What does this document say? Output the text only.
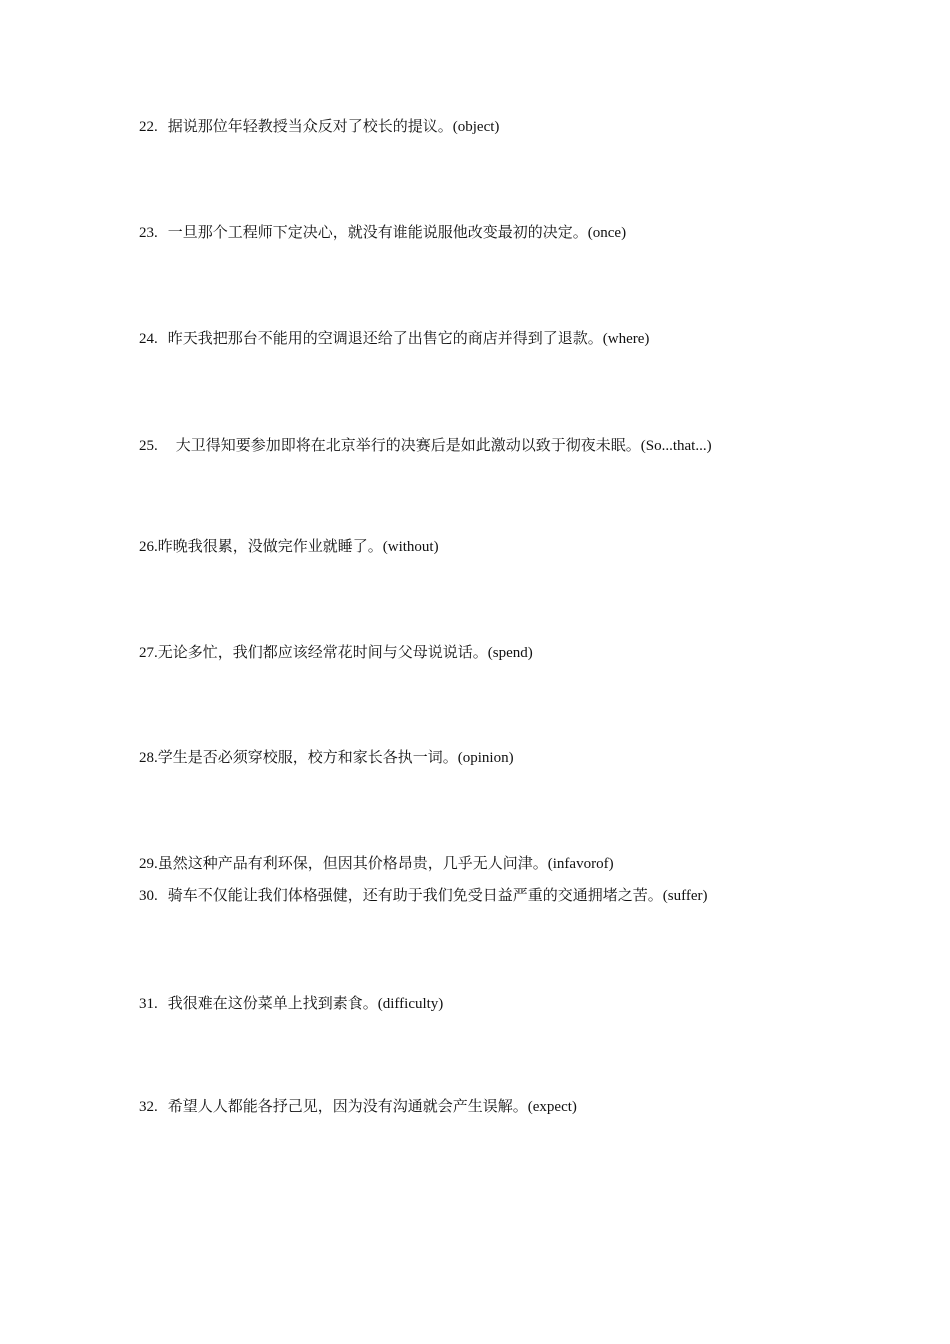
22. 据说那位年轻教授当众反对了校长的提议。(object)
23. 一旦那个工程师下定决心，就没有谁能说服他改变最初的决定。(once)
24. 昨天我把那台不能用的空调退还给了出售它的商店并得到了退款。(where)
25. 大卫得知要参加即将在北京举行的决赛后是如此激动以致于彻夜未眠。(So...that...)
26.昨晚我很累，没做完作业就睡了。(without)
27.无论多忙，我们都应该经常花时间与父母说说话。(spend)
28.学生是否必须穿校服，校方和家长各执一词。(opinion)
29.虽然这种产品有利环保，但因其价格昂贵，几乎无人问津。(infavorof)
30. 骑车不仅能让我们体格强健，还有助于我们免受日益严重的交通拥堵之苦。(suffer)
31. 我很难在这份菜单上找到素食。(difficulty)
32. 希望人人都能各抒己见，因为没有沟通就会产生误解。(expect)
